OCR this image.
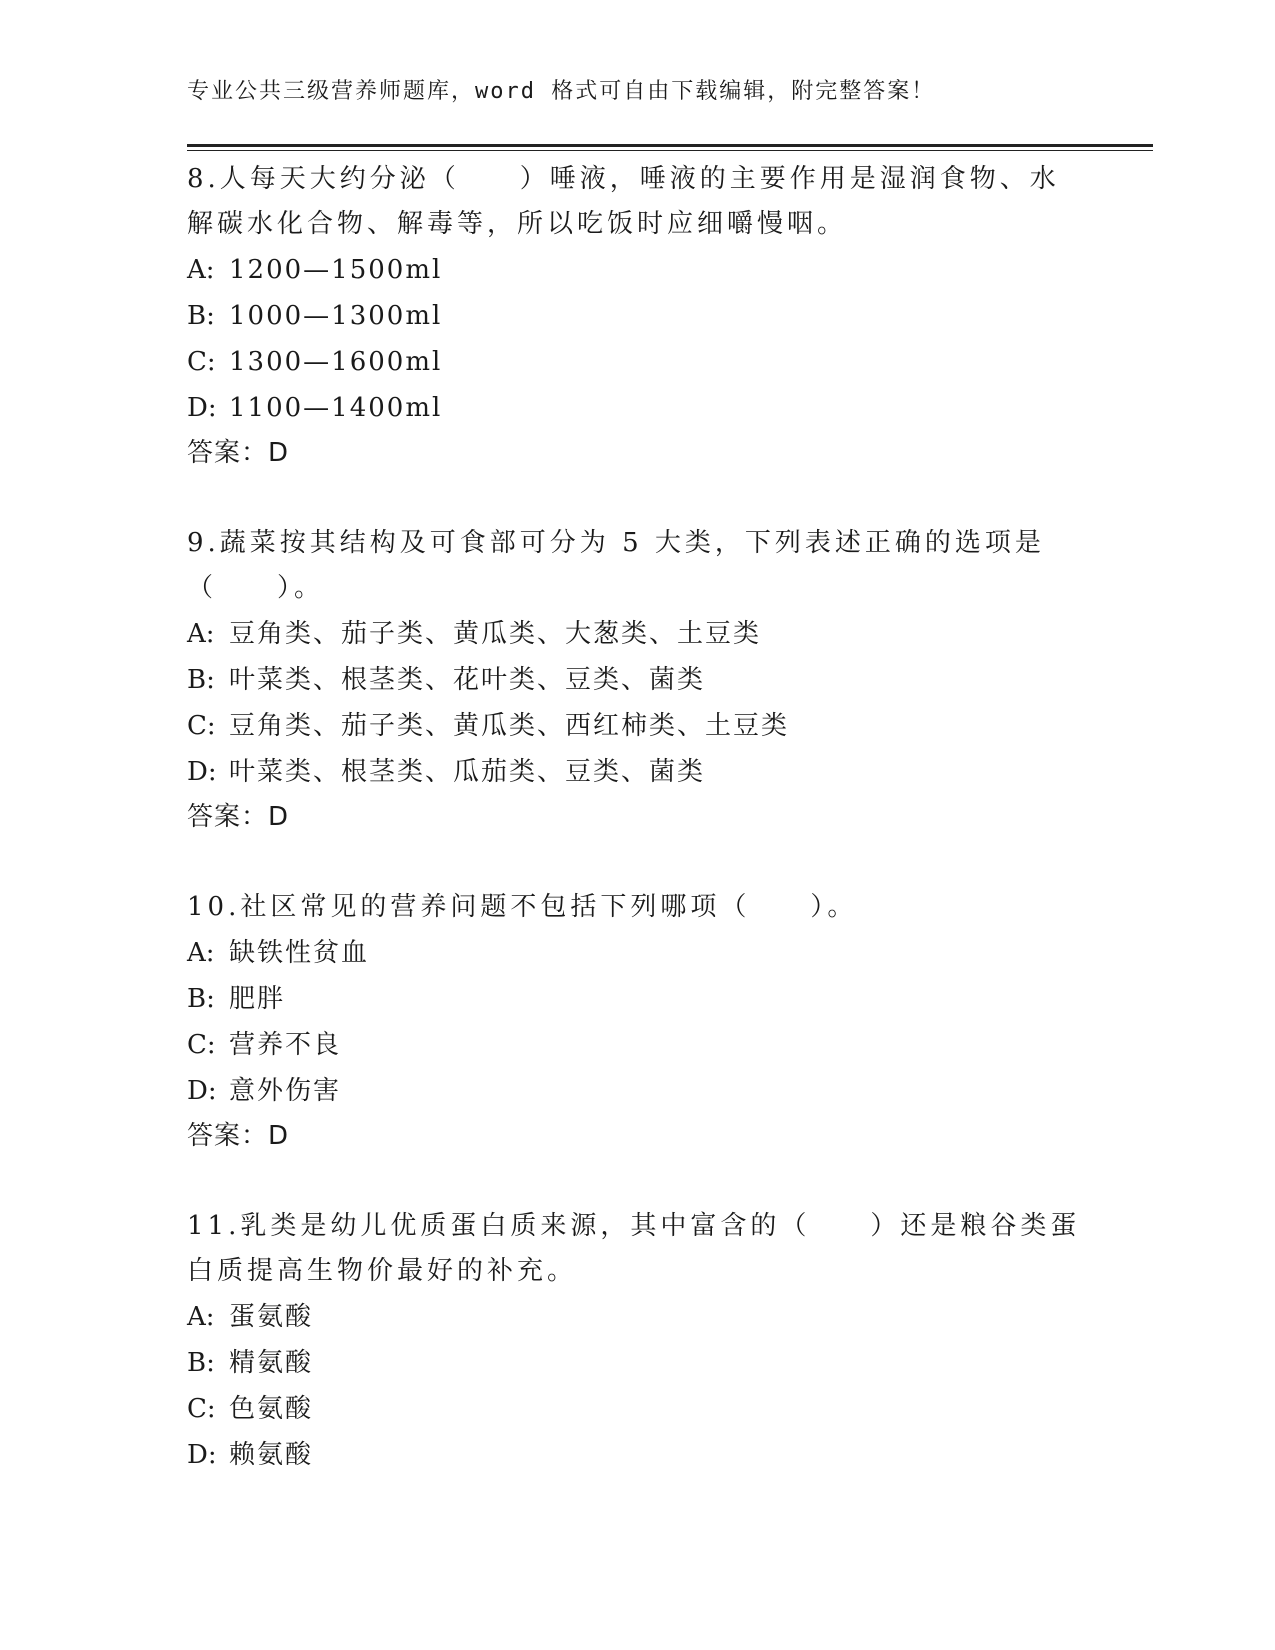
专业公共三级营养师题库，word 格式可自由下载编辑，附完整答案！

8.人每天大约分泌（　　）唾液，唾液的主要作用是湿润食物、水解碳水化合物、解毒等，所以吃饭时应细嚼慢咽。

A: 1200—1500ml
B: 1000—1300ml
C: 1300—1600ml
D: 1100—1400ml
答案：D

9.蔬菜按其结构及可食部可分为 5 大类，下列表述正确的选项是（　　）。

A: 豆角类、茄子类、黄瓜类、大葱类、土豆类
B: 叶菜类、根茎类、花叶类、豆类、菌类
C: 豆角类、茄子类、黄瓜类、西红柿类、土豆类
D: 叶菜类、根茎类、瓜茄类、豆类、菌类
答案：D

10.社区常见的营养问题不包括下列哪项（　　）。

A: 缺铁性贫血
B: 肥胖
C: 营养不良
D: 意外伤害
答案：D

11.乳类是幼儿优质蛋白质来源，其中富含的（　　）还是粮谷类蛋白质提高生物价最好的补充。

A: 蛋氨酸
B: 精氨酸
C: 色氨酸
D: 赖氨酸
